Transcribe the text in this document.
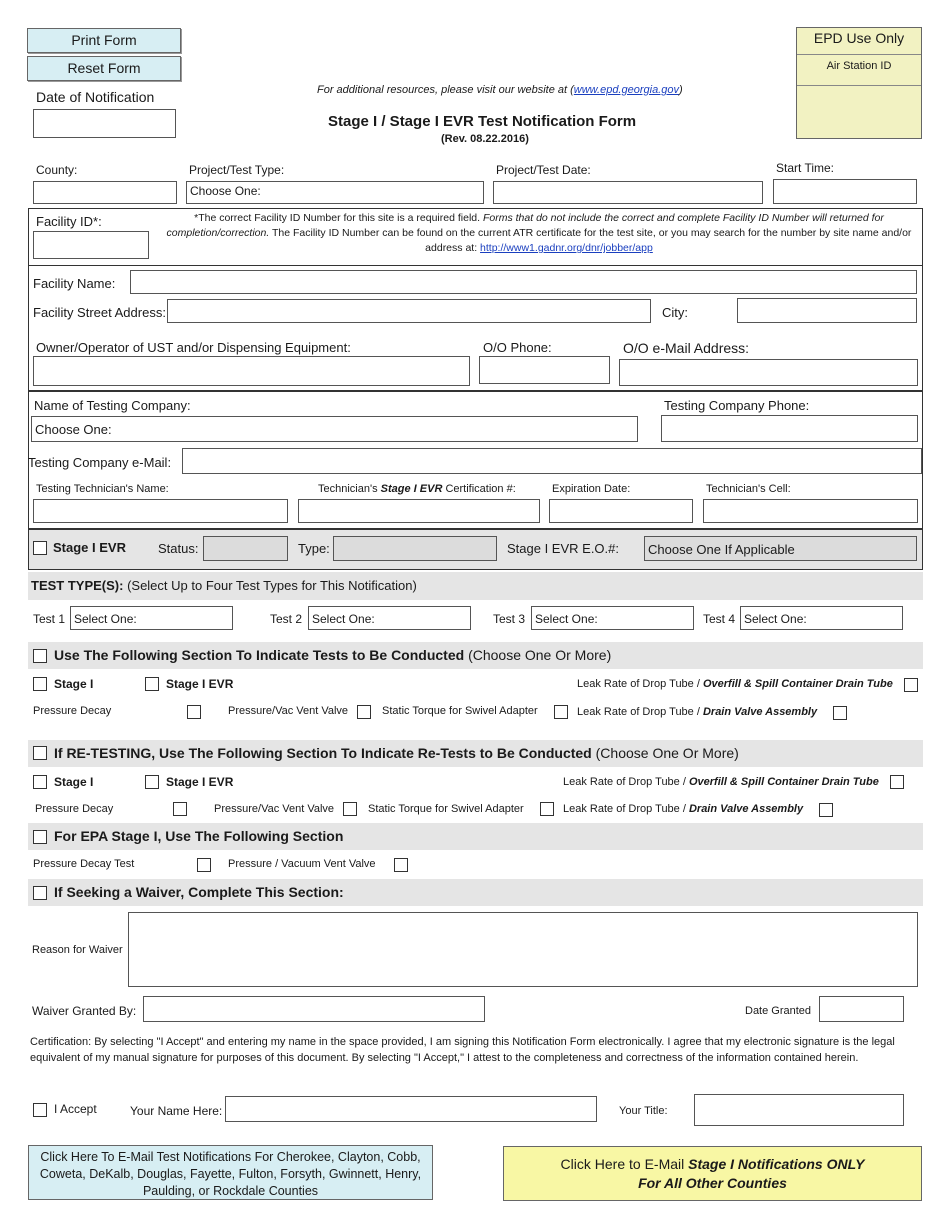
Print Form
Reset Form
EPD Use Only
Air Station ID
For additional resources, please visit our website at (www.epd.georgia.gov)
Stage I / Stage I EVR Test Notification Form
(Rev. 08.22.2016)
Date of Notification
County:	Project/Test Type:
Choose One:
Project/Test Date:	Start Time:
Facility ID*:	*The correct Facility ID Number for this site is a required field. Forms that do not include the correct and complete Facility ID Number will returned for completion/correction. The Facility ID Number can be found on the current ATR certificate for the test site, or you may search for the number by site name and/or address at: http://www1.gadnr.org/dnr/jobber/app
Facility Name:
Facility Street Address:	City:
Owner/Operator of UST and/or Dispensing Equipment:	O/O Phone:	O/O e-Mail Address:
Name of Testing Company:
Choose One:
Testing Company Phone:
Testing Company e-Mail:
Testing Technician's Name:	Technician's Stage I EVR Certification #:	Expiration Date:	Technician's Cell:
Stage I EVR Status:	Type:	Stage I EVR E.O.#:	Choose One If Applicable
TEST TYPE(S): (Select Up to Four Test Types for This Notification)
Test 1 Select One:	Test 2 Select One:	Test 3 Select One:	Test 4 Select One:
Use The Following Section To Indicate Tests to Be Conducted (Choose One Or More)
Stage I	Stage I EVR	Leak Rate of Drop Tube / Overfill & Spill Container Drain Tube
Pressure Decay	Pressure/Vac Vent Valve	Static Torque for Swivel Adapter	Leak Rate of Drop Tube / Drain Valve Assembly
If RE-TESTING, Use The Following Section To Indicate Re-Tests to Be Conducted (Choose One Or More)
Stage I	Stage I EVR	Leak Rate of Drop Tube / Overfill & Spill Container Drain Tube
Pressure Decay	Pressure/Vac Vent Valve	Static Torque for Swivel Adapter	Leak Rate of Drop Tube / Drain Valve Assembly
For EPA Stage I, Use The Following Section
Pressure Decay Test	Pressure / Vacuum Vent Valve
If Seeking a Waiver, Complete This Section:
Reason for Waiver
Waiver Granted By:	Date Granted
Certification: By selecting "I Accept" and entering my name in the space provided, I am signing this Notification Form electronically. I agree that my electronic signature is the legal equivalent of my manual signature for purposes of this document. By selecting "I Accept," I attest to the completeness and correctness of the information contained herein.
I Accept	Your Name Here:	Your Title:
Click Here To E-Mail Test Notifications For Cherokee, Clayton, Cobb, Coweta, DeKalb, Douglas, Fayette, Fulton, Forsyth, Gwinnett, Henry, Paulding, or Rockdale Counties
Click Here to E-Mail Stage I Notifications ONLY
For All Other Counties
